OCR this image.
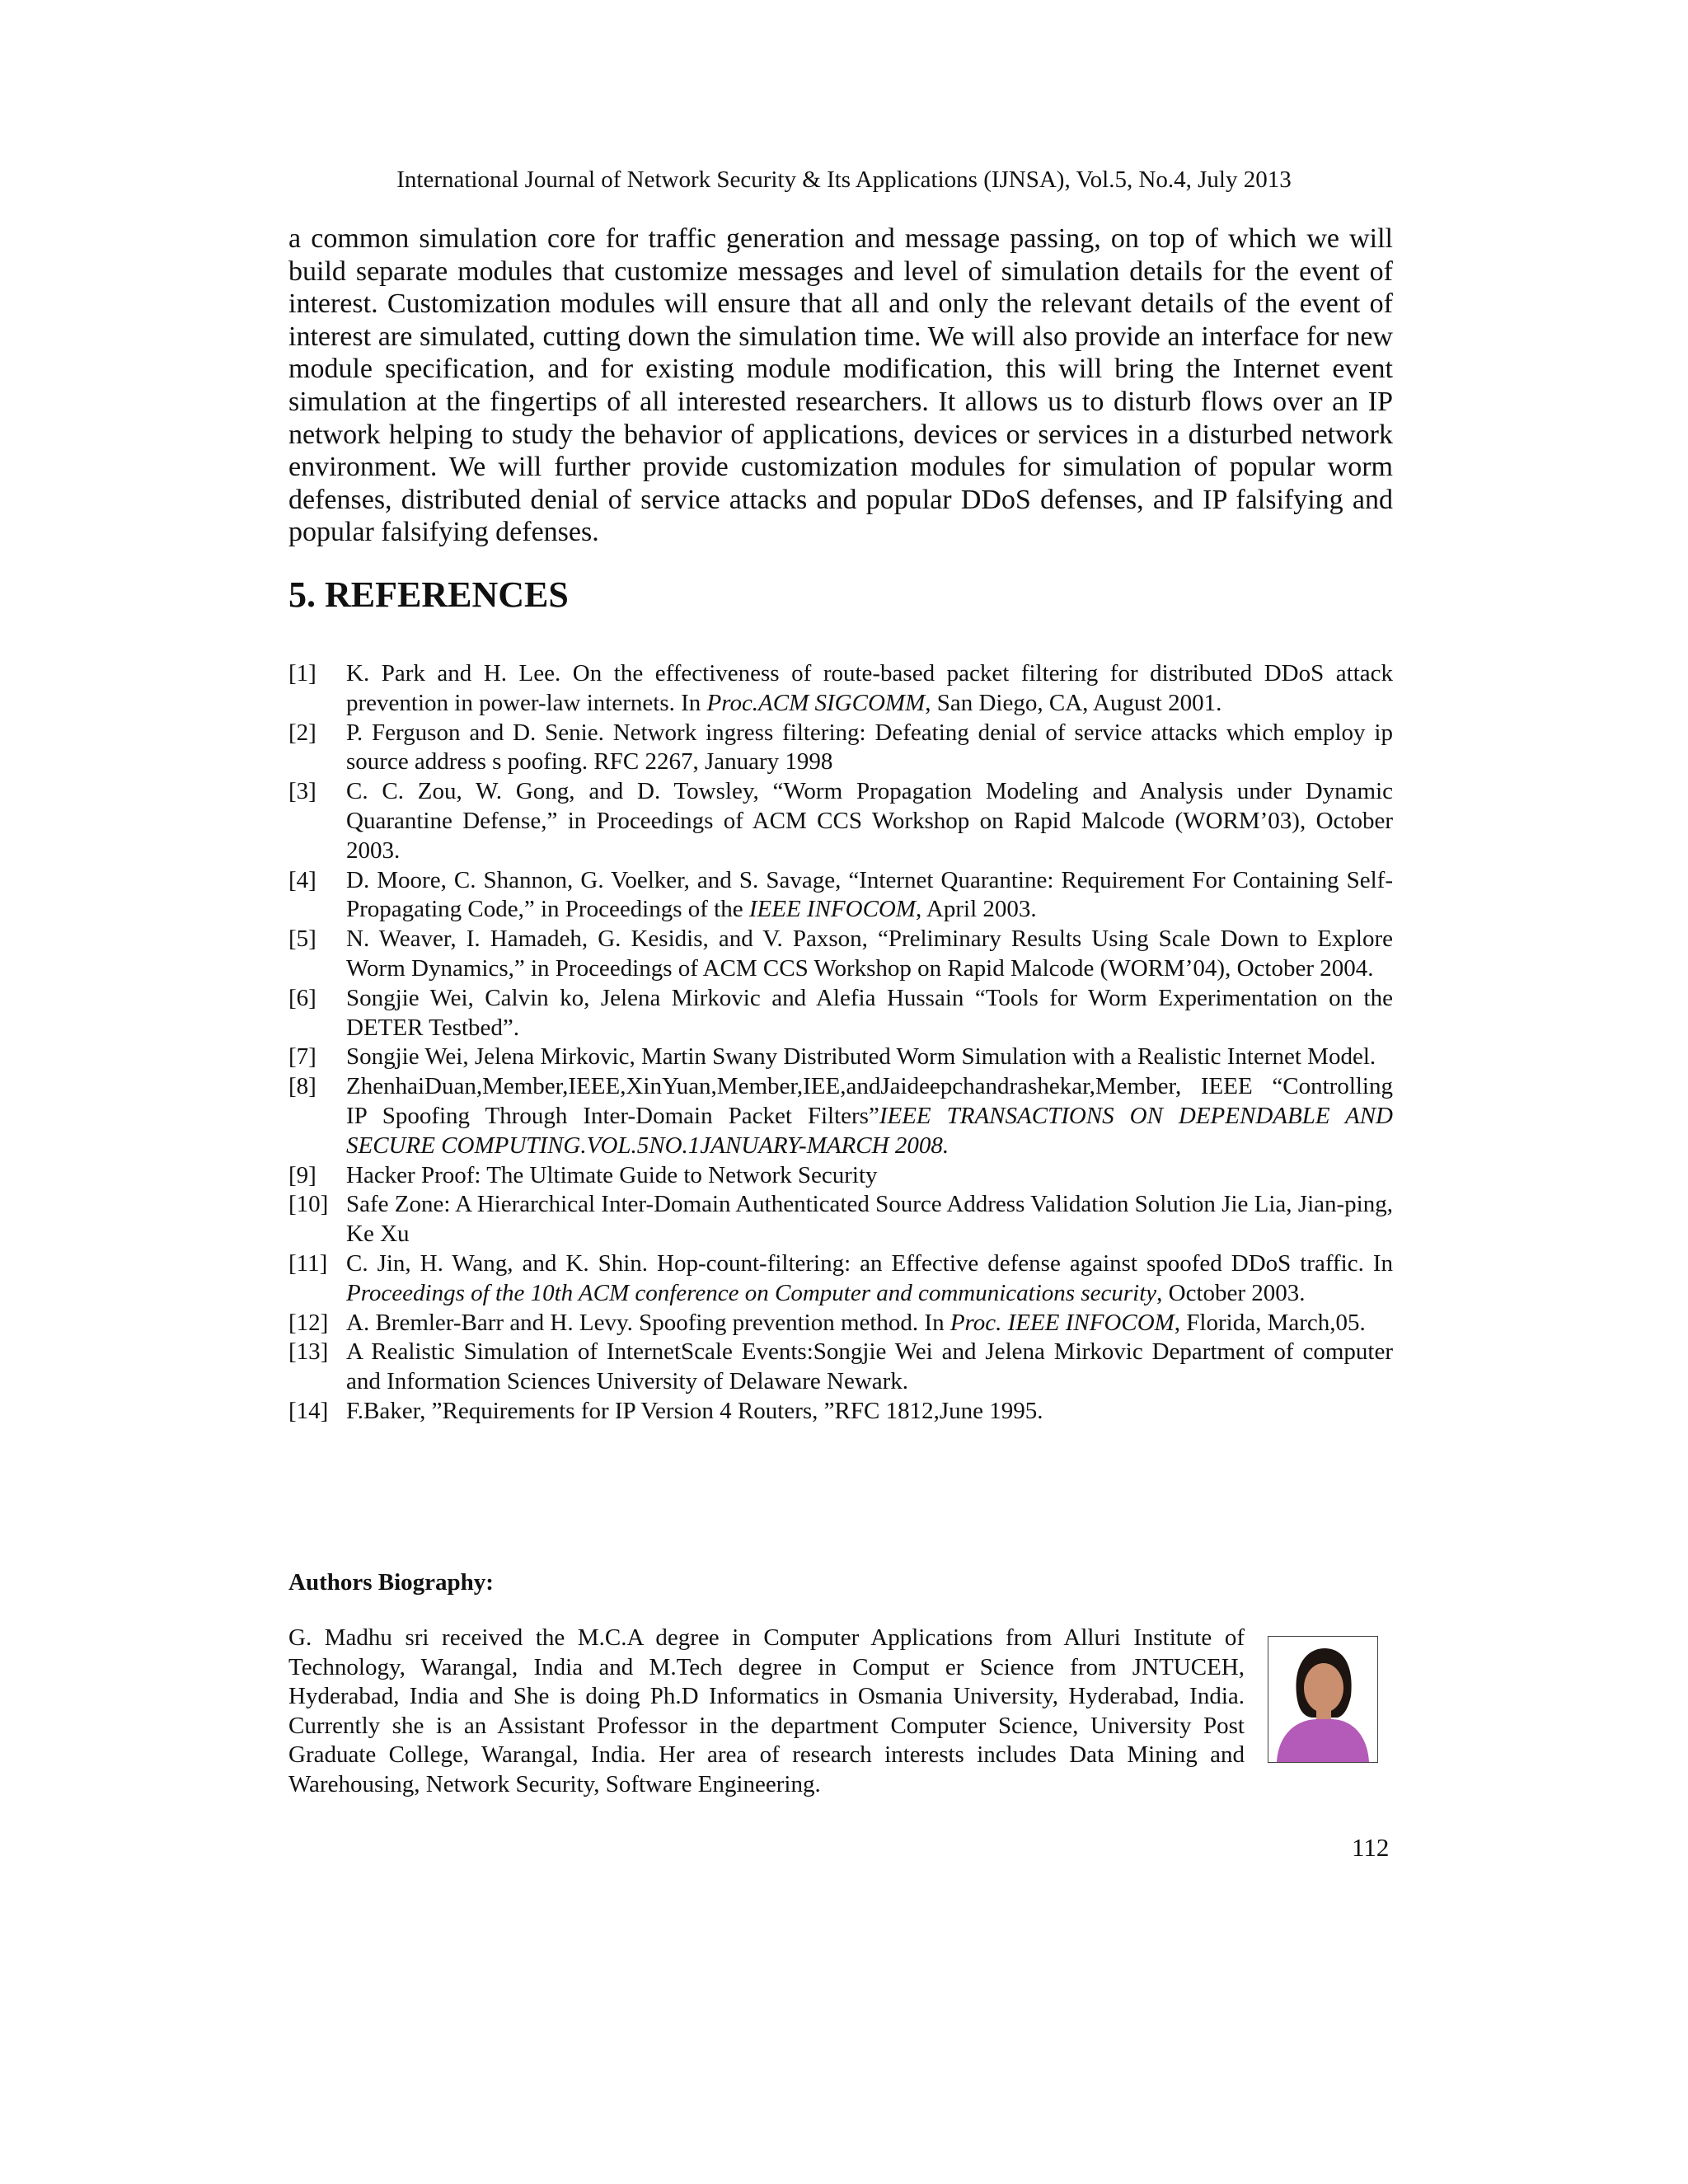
International Journal of Network Security & Its Applications (IJNSA), Vol.5, No.4, July 2013

a common simulation core for traffic generation and message passing, on top of which we will build separate modules that customize messages and level of simulation details for the event of interest. Customization modules will ensure that all and only the relevant details of the event of interest are simulated, cutting down the simulation time. We will also provide an interface for new module specification, and for existing module modification, this will bring the Internet event simulation at the fingertips of all interested researchers. It allows us to disturb flows over an IP network helping to study the behavior of applications, devices or services in a disturbed network environment. We will further provide customization modules for simulation of popular worm defenses, distributed denial of service attacks and popular DDoS defenses, and IP falsifying and popular falsifying defenses.

5. REFERENCES
[1] K. Park and H. Lee. On the effectiveness of route-based packet filtering for distributed DDoS attack prevention in power-law internets. In Proc.ACM SIGCOMM, San Diego, CA, August 2001.
[2] P. Ferguson and D. Senie. Network ingress filtering: Defeating denial of service attacks which employ ip source address s poofing. RFC 2267, January 1998
[3] C. C. Zou, W. Gong, and D. Towsley, “Worm Propagation Modeling and Analysis under Dynamic Quarantine Defense,” in Proceedings of ACM CCS Workshop on Rapid Malcode (WORM’03), October 2003.
[4] D. Moore, C. Shannon, G. Voelker, and S. Savage, “Internet Quarantine: Requirement For Containing Self-Propagating Code,” in Proceedings of the IEEE INFOCOM, April 2003.
[5] N. Weaver, I. Hamadeh, G. Kesidis, and V. Paxson, “Preliminary Results Using Scale Down to Explore Worm Dynamics,” in Proceedings of ACM CCS Workshop on Rapid Malcode (WORM’04), October 2004.
[6] Songjie Wei, Calvin ko, Jelena Mirkovic and Alefia Hussain “Tools for Worm Experimentation on the DETER Testbed”.
[7] Songjie Wei, Jelena Mirkovic, Martin Swany Distributed Worm Simulation with a Realistic Internet Model.
[8] ZhenhaiDuan,Member,IEEE,XinYuan,Member,IEE,andJaideepchandrashekar,Member, IEEE “Controlling IP Spoofing Through Inter-Domain Packet Filters”IEEE TRANSACTIONS ON DEPENDABLE AND SECURE COMPUTING.VOL.5NO.1JANUARY-MARCH 2008.
[9] Hacker Proof: The Ultimate Guide to Network Security
[10] Safe Zone: A Hierarchical Inter-Domain Authenticated Source Address Validation Solution Jie Lia, Jian-ping, Ke Xu
[11] C. Jin, H. Wang, and K. Shin. Hop-count-filtering: an Effective defense against spoofed DDoS traffic. In Proceedings of the 10th ACM conference on Computer and communications security, October 2003.
[12] A. Bremler-Barr and H. Levy. Spoofing prevention method. In Proc. IEEE INFOCOM, Florida, March,05.
[13] A Realistic Simulation of InternetScale Events:Songjie Wei and Jelena Mirkovic Department of computer and Information Sciences University of Delaware Newark.
[14] F.Baker, ”Requirements for IP Version 4 Routers, ”RFC 1812,June 1995.
Authors Biography:

G. Madhu sri received the M.C.A degree in Computer Applications from Alluri Institute of Technology, Warangal, India and M.Tech degree in Comput er Science from JNTUCEH, Hyderabad, India and She is doing Ph.D Informatics in Osmania University, Hyderabad, India. Currently she is an Assistant Professor in the department Computer Science, University Post Graduate College, Warangal, India. Her area of research interests includes Data Mining and Warehousing, Network Security, Software Engineering.

112
